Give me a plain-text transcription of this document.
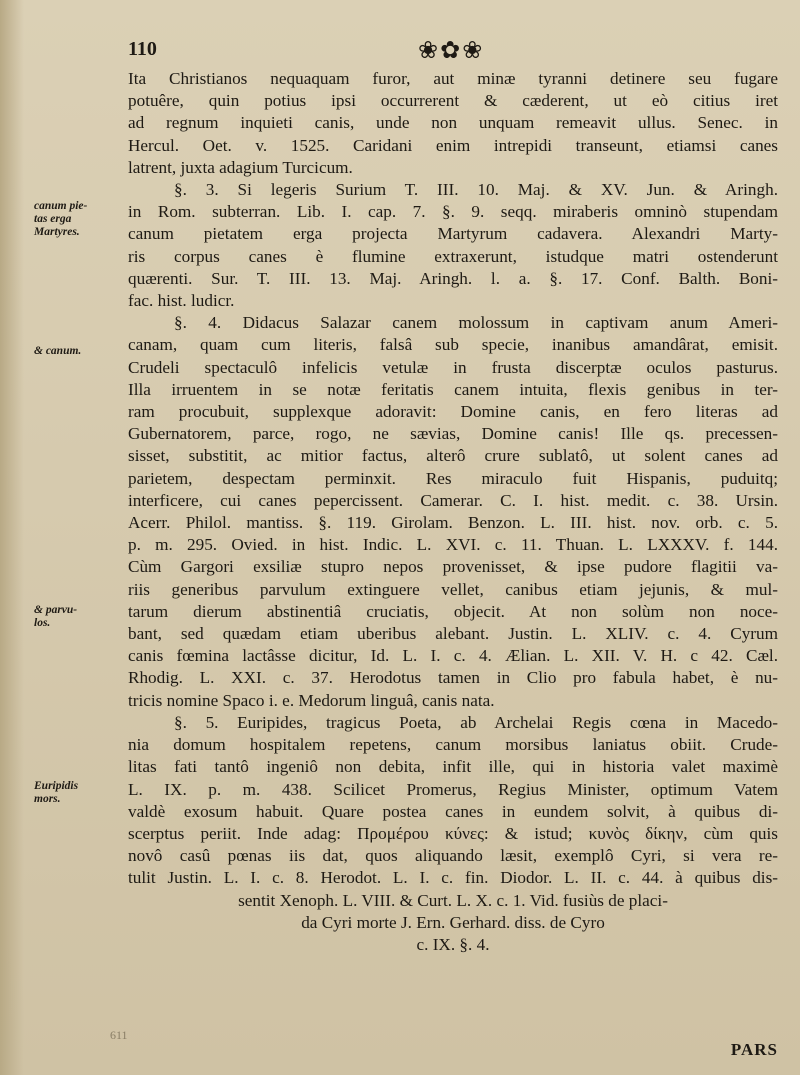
110	❀✿❀
canum pie-
tas erga
Martyres.
& canum.
& parvu-
los.
Euripidis
mors.
Ita Christianos nequaquam furor, aut minæ tyranni detinere seu fugare
potuêre, quin potius ipsi occurrerent & cæderent, ut eò citius iret
ad regnum inquieti canis, unde non unquam remeavit ullus. Senec. in
Hercul. Oet. v. 1525. Caridani enim intrepidi transeunt, etiamsi canes
latrent, juxta adagium Turcicum.
§. 3. Si legeris Surium T. III. 10. Maj. & XV. Jun. & Aringh.
in Rom. subterran. Lib. I. cap. 7. §. 9. seqq. miraberis omninò stupendam
canum pietatem erga projecta Martyrum cadavera. Alexandri Marty-
ris corpus canes è flumine extraxerunt, istudque matri ostenderunt
quærenti. Sur. T. III. 13. Maj. Aringh. l. a. §. 17. Conf. Balth. Boni-
fac. hist. ludicr.
§. 4. Didacus Salazar canem molossum in captivam anum Ameri-
canam, quam cum literis, falsâ sub specie, inanibus amandârat, emisit.
Crudeli spectaculô infelicis vetulæ in frusta discerptæ oculos pasturus.
Illa irruentem in se notæ feritatis canem intuita, flexis genibus in ter-
ram procubuit, supplexque adoravit: Domine canis, en fero literas ad
Gubernatorem, parce, rogo, ne sævias, Domine canis! Ille qs. precessen-
sisset, substitit, ac mitior factus, alterô crure sublatô, ut solent canes ad
parietem, despectam perminxit. Res miraculo fuit Hispanis, puduitq;
interficere, cui canes pepercissent. Camerar. C. I. hist. medit. c. 38. Ursin.
Acerr. Philol. mantiss. §. 119. Girolam. Benzon. L. III. hist. nov. orb. c. 5.
p. m. 295. Ovied. in hist. Indic. L. XVI. c. 11. Thuan. L. LXXXV. f. 144.
Cùm Gargori exsiliæ stupro nepos provenisset, & ipse pudore flagitii va-
riis generibus parvulum extinguere vellet, canibus etiam jejunis, & mul-
tarum dierum abstinentiâ cruciatis, objecit. At non solùm non noce-
bant, sed quædam etiam uberibus alebant. Justin. L. XLIV. c. 4. Cyrum
canis fœmina lactâsse dicitur, Id. L. I. c. 4. Ælian. L. XII. V. H. c 42. Cæl.
Rhodig. L. XXI. c. 37. Herodotus tamen in Clio pro fabula habet, è nu-
tricis nomine Spaco i. e. Medorum linguâ, canis nata.
§. 5. Euripides, tragicus Poeta, ab Archelai Regis cœna in Macedo-
nia domum hospitalem repetens, canum morsibus laniatus obiit. Crude-
litas fati tantô ingeniô non debita, infit ille, qui in historia valet maximè
L. IX. p. m. 438. Scilicet Promerus, Regius Minister, optimum Vatem
valdè exosum habuit. Quare postea canes in eundem solvit, à quibus di-
scerptus periit. Inde adag: Προμέρου κύνες: & istud; κυνὸς δίκην, cùm quis
novô casû pœnas iis dat, quos aliquando læsit, exemplô Cyri, si vera re-
tulit Justin. L. I. c. 8. Herodot. L. I. c. fin. Diodor. L. II. c. 44. à quibus dis-
sentit Xenoph. L. VIII. & Curt. L. X. c. 1. Vid. fusiùs de placi-
da Cyri morte J. Ern. Gerhard. diss. de Cyro
c. IX. §. 4.
611
PARS
